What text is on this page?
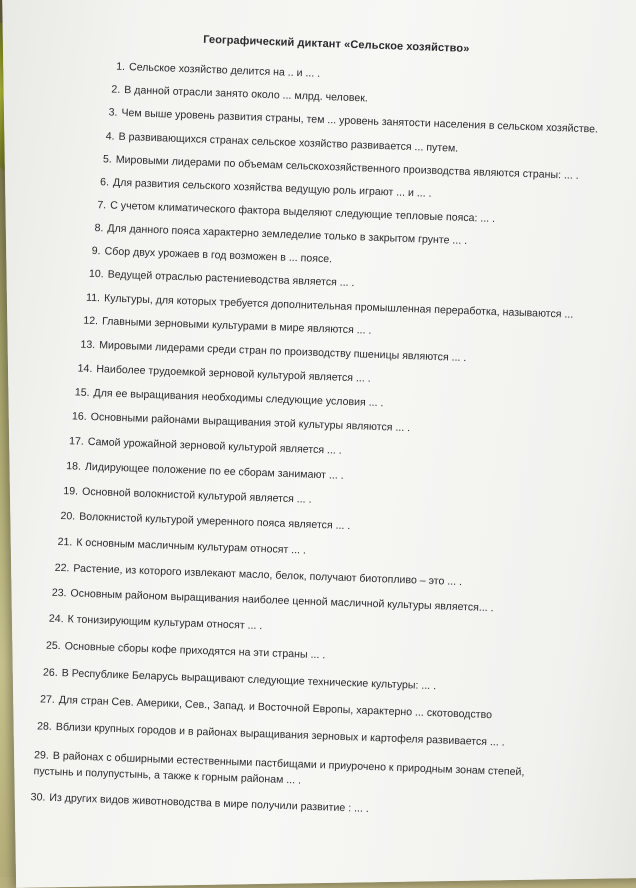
Географический диктант «Сельское хозяйство»
1. Сельское хозяйство делится на .. и ... .
2. В данной отрасли занято около ... млрд. человек.
3. Чем выше уровень развития страны, тем ... уровень занятости населения в сельском хозяйстве.
4. В развивающихся странах сельское хозяйство развивается ... путем.
5. Мировыми лидерами по объемам сельскохозяйственного производства являются страны: ... .
6. Для развития сельского хозяйства ведущую роль играют ... и ... .
7. С учетом климатического фактора выделяют следующие тепловые пояса: ... .
8. Для данного пояса характерно земледелие только в закрытом грунте ... .
9. Сбор двух урожаев в год возможен в ... поясе.
10. Ведущей отраслью растениеводства является ... .
11. Культуры, для которых требуется дополнительная промышленная переработка, называются ...
12. Главными зерновыми культурами в мире являются ... .
13. Мировыми лидерами среди стран по производству пшеницы являются ... .
14. Наиболее трудоемкой зерновой культурой является ... .
15. Для ее выращивания необходимы следующие условия ... .
16. Основными районами выращивания этой культуры являются ... .
17. Самой урожайной зерновой культурой является ... .
18. Лидирующее положение по ее сборам занимают ... .
19. Основной волокнистой культурой является ... .
20. Волокнистой культурой умеренного пояса является ... .
21. К основным масличным культурам относят ... .
22. Растение, из которого извлекают масло, белок, получают биотопливо – это ... .
23. Основным районом выращивания наиболее ценной масличной культуры является... .
24. К тонизирующим культурам относят ... .
25. Основные сборы кофе приходятся на эти страны ... .
26. В Республике Беларусь выращивают следующие технические культуры: ... .
27. Для стран Сев. Америки, Сев., Запад. и Восточной Европы, характерно ... скотоводство
28. Вблизи крупных городов и в районах выращивания зерновых и картофеля развивается ... .
29. В районах с обширными естественными пастбищами и приурочено к природным зонам степей, пустынь и полупустынь, а также к горным районам ... .
30. Из других видов животноводства в мире получили развитие : ... .
